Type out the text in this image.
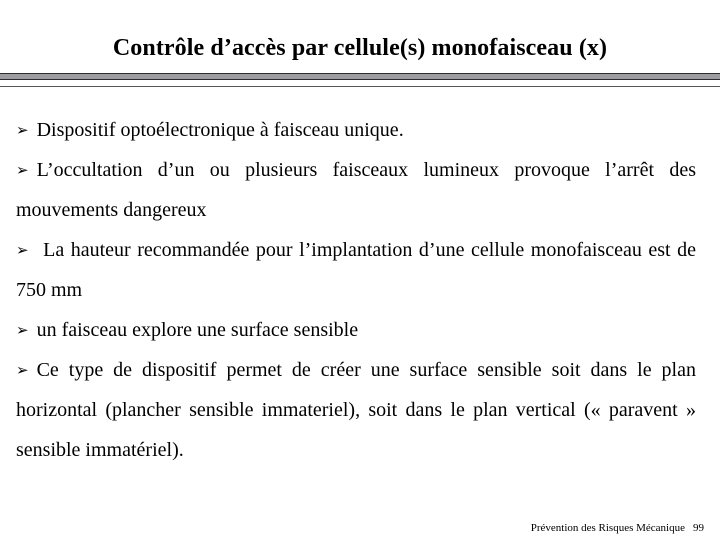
Contrôle d’accès par cellule(s) monofaisceau (x)
➢ Dispositif optoélectronique à faisceau unique.
➢ L’occultation d’un ou plusieurs faisceaux lumineux provoque l’arrêt des mouvements dangereux
➢ La hauteur recommandée pour l’implantation d’une cellule monofaisceau est de 750 mm
➢ un faisceau explore une surface sensible
➢ Ce type de dispositif permet de créer une surface sensible soit dans le plan horizontal (plancher sensible immateriel), soit dans le plan vertical (« paravent » sensible immatériel).
Prévention des Risques Mécanique 99
